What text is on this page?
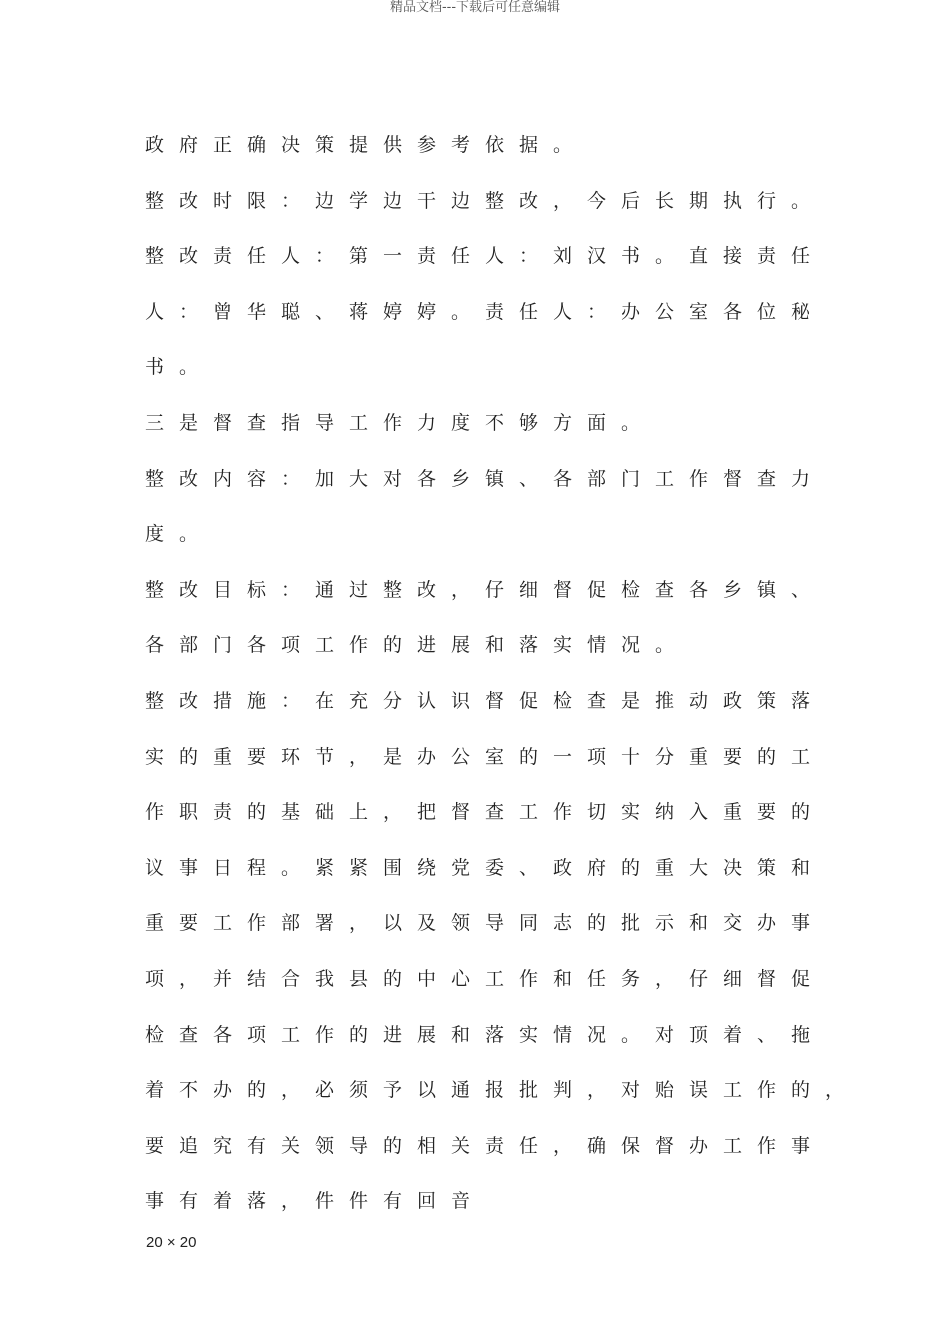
精品文档---下载后可任意编辑
政府正确决策提供参考依据。
整改时限：边学边干边整改，今后长期执行。
整改责任人：第一责任人：刘汉书。直接责任
人：曾华聪、蒋婷婷。责任人：办公室各位秘
书。
三是督查指导工作力度不够方面。
整改内容：加大对各乡镇、各部门工作督查力
度。
整改目标：通过整改，仔细督促检查各乡镇、
各部门各项工作的进展和落实情况。
整改措施：在充分认识督促检查是推动政策落
实的重要环节，是办公室的一项十分重要的工
作职责的基础上，把督查工作切实纳入重要的
议事日程。紧紧围绕党委、政府的重大决策和
重要工作部署，以及领导同志的批示和交办事
项，并结合我县的中心工作和任务，仔细督促
检查各项工作的进展和落实情况。对顶着、拖
着不办的，必须予以通报批判，对贻误工作的，
要追究有关领导的相关责任，确保督办工作事
事有着落，件件有回音
20 × 20
